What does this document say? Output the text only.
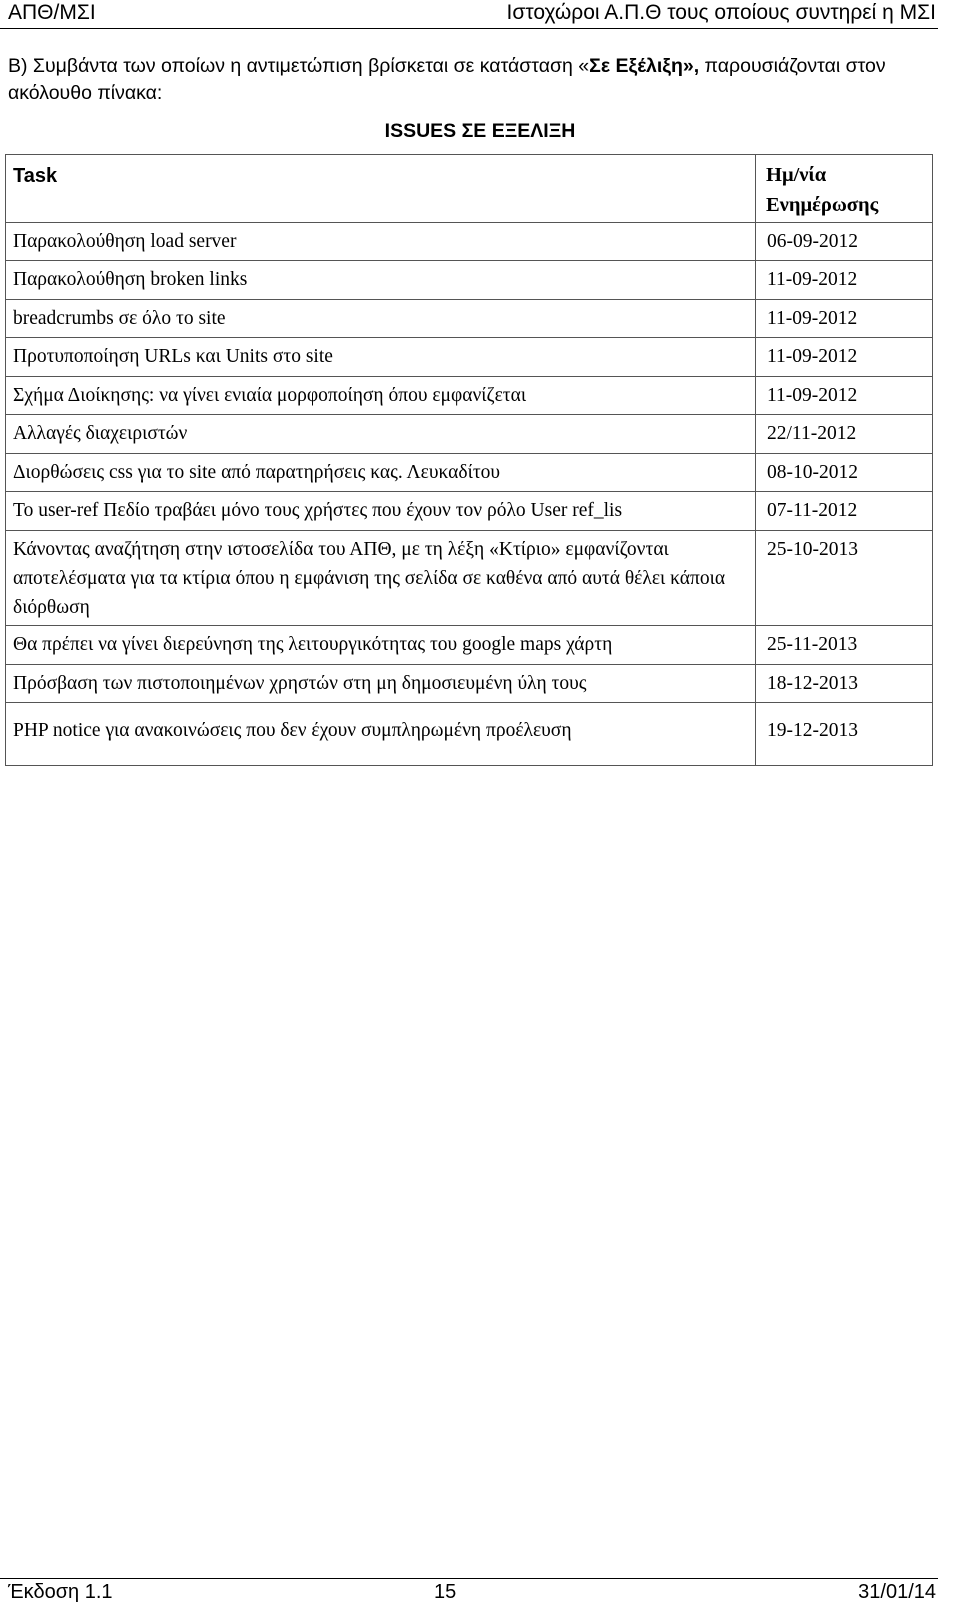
ΑΠΘ/ΜΣΙ	Ιστοχώροι Α.Π.Θ τους οποίους συντηρεί η ΜΣΙ
Β) Συμβάντα των οποίων η αντιμετώπιση βρίσκεται σε κατάσταση «Σε Εξέλιξη», παρουσιάζονται στον ακόλουθο πίνακα:
ISSUES ΣΕ ΕΞΕΛΙΞΗ
Task	Ημ/νία Ενημέρωσης
Παρακολούθηση load server	06-09-2012
Παρακολούθηση broken links	11-09-2012
breadcrumbs σε όλο το site	11-09-2012
Προτυποποίηση URLs και Units στο site	11-09-2012
Σχήμα Διοίκησης: να γίνει ενιαία μορφοποίηση όπου εμφανίζεται	11-09-2012
Αλλαγές διαχειριστών	22/11-2012
Διορθώσεις css για το site από παρατηρήσεις κας. Λευκαδίτου	08-10-2012
Το user-ref Πεδίο τραβάει μόνο τους χρήστες που έχουν τον ρόλο User ref_lis	07-11-2012
Κάνοντας αναζήτηση στην ιστοσελίδα του ΑΠΘ, με τη λέξη «Κτίριο» εμφανίζονται αποτελέσματα για τα κτίρια όπου η εμφάνιση της σελίδα σε καθένα από αυτά θέλει κάποια διόρθωση	25-10-2013
Θα πρέπει να γίνει διερεύνηση της λειτουργικότητας του google maps χάρτη	25-11-2013
Πρόσβαση των πιστοποιημένων χρηστών στη μη δημοσιευμένη ύλη τους	18-12-2013
PHP notice για ανακοινώσεις που δεν έχουν συμπληρωμένη προέλευση	19-12-2013
Έκδοση 1.1	15	31/01/14
